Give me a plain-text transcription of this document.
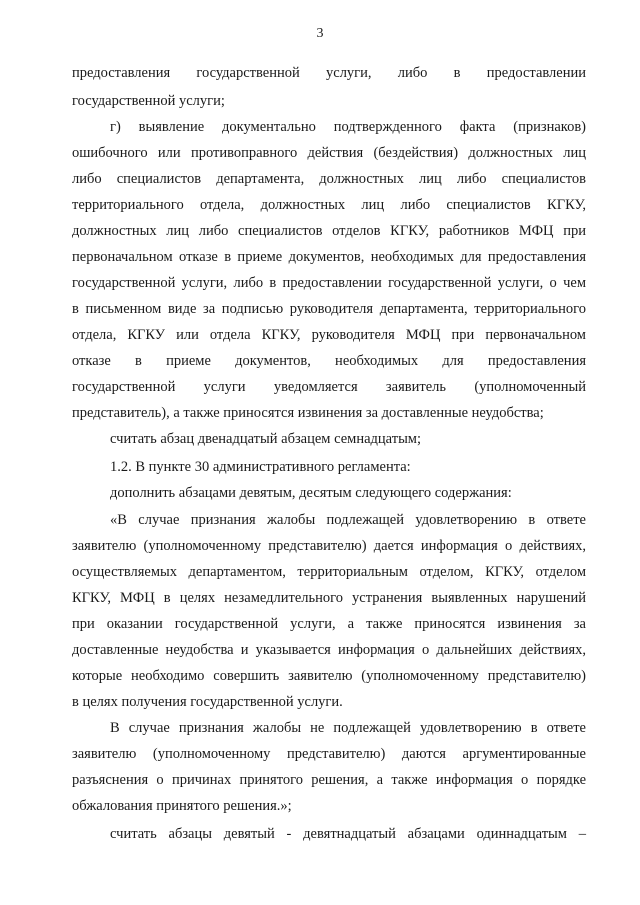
3
предоставления государственной услуги, либо в предоставлении
государственной услуги;
г) выявление документально подтвержденного факта (признаков)
ошибочного или противоправного действия (бездействия) должностных лиц
либо специалистов департамента, должностных лиц либо специалистов
территориального отдела, должностных лиц либо специалистов КГКУ,
должностных лиц либо специалистов отделов КГКУ, работников МФЦ при
первоначальном отказе в приеме документов, необходимых для предоставления
государственной услуги, либо в предоставлении государственной услуги, о чем
в письменном виде за подписью руководителя департамента, территориального
отдела, КГКУ или отдела КГКУ, руководителя МФЦ при первоначальном
отказе в приеме документов, необходимых для предоставления
государственной услуги уведомляется заявитель (уполномоченный
представитель), а также приносятся извинения за доставленные неудобства;
считать абзац двенадцатый абзацем семнадцатым;
1.2. В пункте 30 административного регламента:
дополнить абзацами девятым, десятым следующего содержания:
«В случае признания жалобы подлежащей удовлетворению в ответе
заявителю (уполномоченному представителю) дается информация о действиях,
осуществляемых департаментом, территориальным отделом, КГКУ, отделом
КГКУ, МФЦ в целях незамедлительного устранения выявленных нарушений
при оказании государственной услуги, а также приносятся извинения за
доставленные неудобства и указывается информация о дальнейших действиях,
которые необходимо совершить заявителю (уполномоченному представителю)
в целях получения государственной услуги.
В случае признания жалобы не подлежащей удовлетворению в ответе
заявителю (уполномоченному представителю) даются аргументированные
разъяснения о причинах принятого решения, а также информация о порядке
обжалования принятого решения.»;
считать абзацы девятый - девятнадцатый абзацами одиннадцатым –
